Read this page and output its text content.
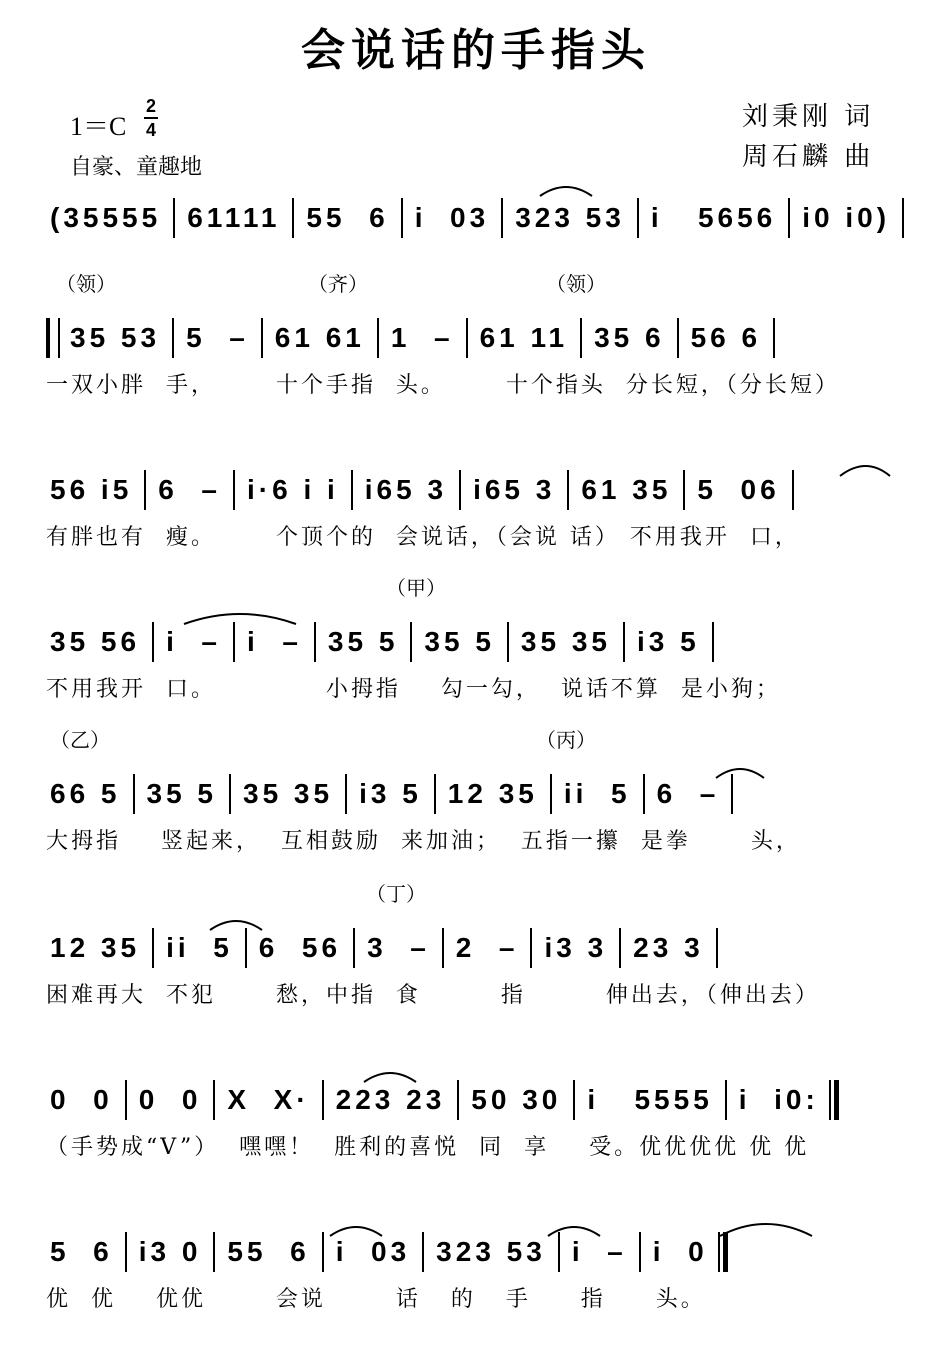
会说话的手指头
1＝C
2
4
自豪、童趣地
刘秉刚 词
周石麟 曲
(35555 61111 55  6 i  03 323 53 i   5656 i0 i0)
（领）	（齐）	（领）
35 53 5  – 61 61 1  – 61 11 35 6 56 6
一双小胖  手，      十个手指  头。      十个指头  分长短，（分长短）
56 i5 6  – i·6 i i i65 3 i65 3 61 35 5  06
有胖也有  瘦。      个顶个的  会说话，（会说 话） 不用我开  口，
（甲）
35 56 i  – i  – 35 5 35 5 35 35 i3 5
不用我开  口。           小拇指    勾一勾，  说话不算  是小狗；
（乙）	（丙）
66 5 35 5 35 35 i3 5 12 35 ii  5 6  –
大拇指    竖起来，  互相鼓励  来加油；  五指一攥  是拳      头，
（丁）
12 35 ii  5 6  56 3  – 2  – i3 3 23 3
困难再大  不犯      愁，中指  食        指        伸出去，（伸出去）
0  0 0  0 X  X· 223 23 50 30 i   5555 i  i0:
（手势成“V”）  嘿嘿！  胜利的喜悦  同  享    受。优优优优 优 优
5  6 i3 0 55  6 i  03 323 53 i  – i  0
优  优    优优       会说       话   的   手     指     头。
